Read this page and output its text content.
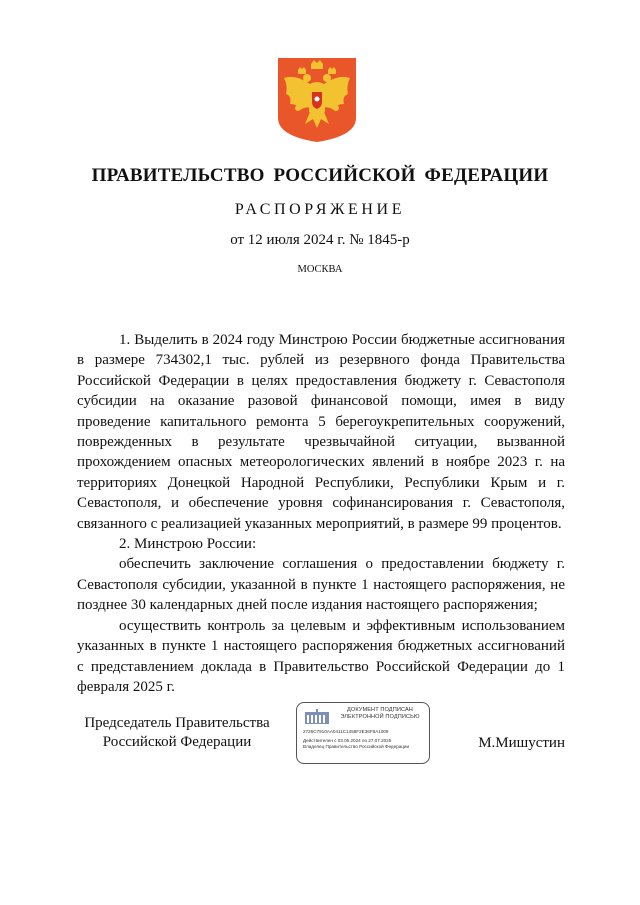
ПРАВИТЕЛЬСТВО РОССИЙСКОЙ ФЕДЕРАЦИИ
РАСПОРЯЖЕНИЕ
от 12 июля 2024 г. № 1845-р
МОСКВА

1. Выделить в 2024 году Минстрою России бюджетные ассигнования в размере 734302,1 тыс. рублей из резервного фонда Правительства Российской Федерации в целях предоставления бюджету г. Севастополя субсидии на оказание разовой финансовой помощи, имея в виду проведение капитального ремонта 5 берегоукрепительных сооружений, поврежденных в результате чрезвычайной ситуации, вызванной прохождением опасных метеорологических явлений в ноябре 2023 г. на территориях Донецкой Народной Республики, Республики Крым и г. Севастополя, и обеспечение уровня софинансирования г. Севастополя, связанного с реализацией указанных мероприятий, в размере 99 процентов.

2. Минстрою России:

обеспечить заключение соглашения о предоставлении бюджету г. Севастополя субсидии, указанной в пункте 1 настоящего распоряжения, не позднее 30 календарных дней после издания настоящего распоряжения;

осуществить контроль за целевым и эффективным использованием указанных в пункте 1 настоящего распоряжения бюджетных ассигнований с представлением доклада в Правительство Российской Федерации до 1 февраля 2025 г.

Председатель Правительства
Российской Федерации
ДОКУМЕНТ ПОДПИСАН
ЭЛЕКТРОННОЙ ПОДПИСЬЮ
2726C7910AA0411C1458F2E36F8A1009
Действителен с 03.05.2024 по 27.07.2025
Владелец Правительство Российской Федерации	М.Мишустин
